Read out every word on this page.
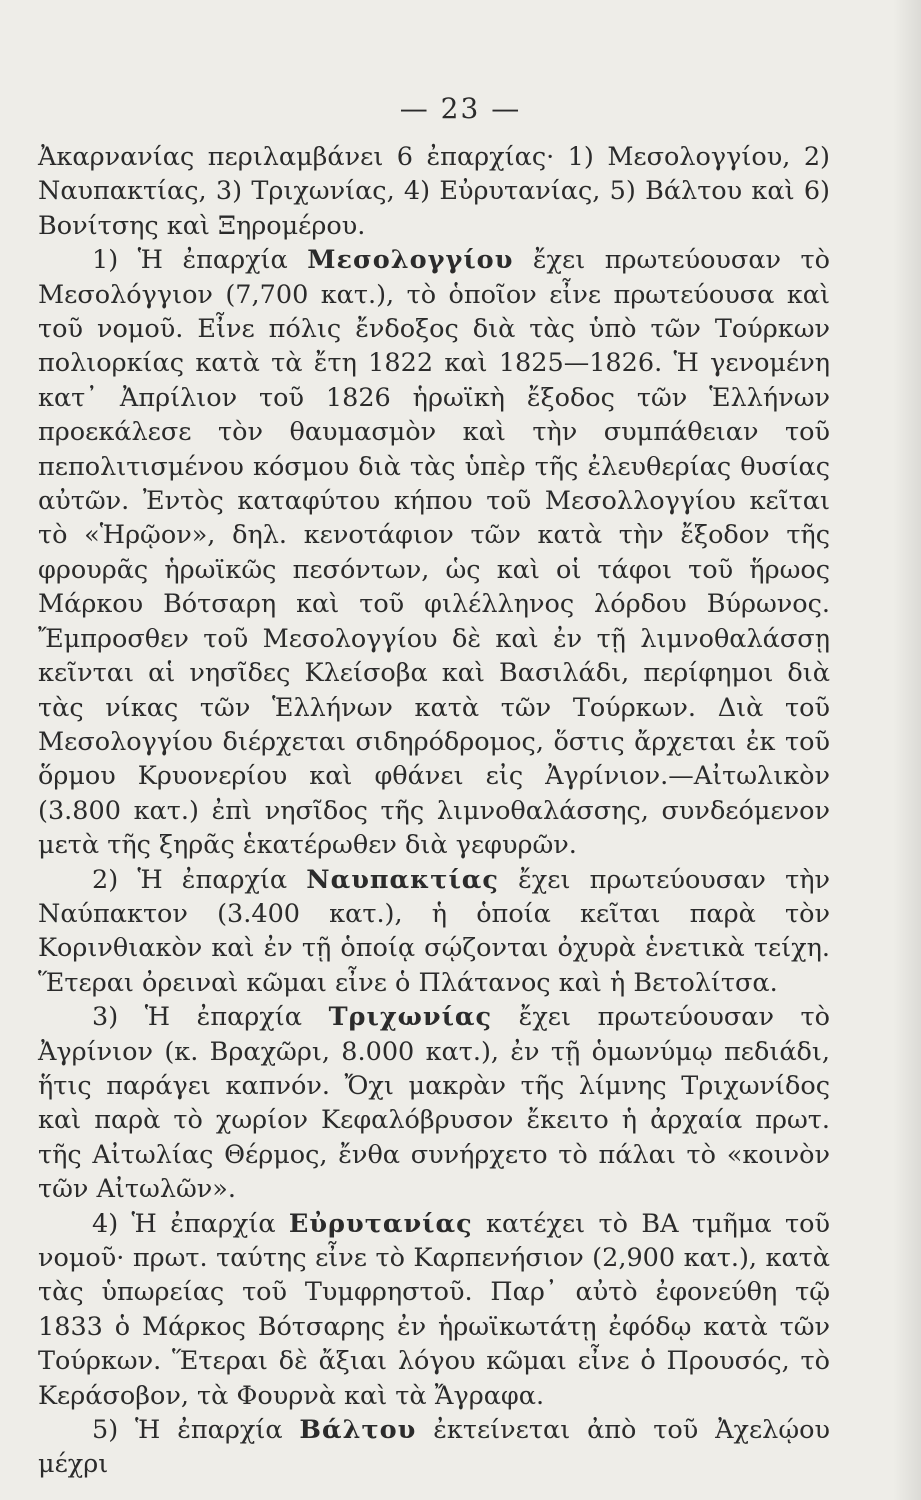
— 23 —

Ἀκαρνανίας περιλαμβάνει 6 ἐπαρχίας· 1) Μεσολογγίου, 2) Ναυπακτίας, 3) Τριχωνίας, 4) Εὐρυτανίας, 5) Βάλτου καὶ 6) Βονίτσης καὶ Ξηρομέρου.

1) Ἡ ἐπαρχία Μεσολογγίου ἔχει πρωτεύουσαν τὸ Μεσολόγγιον (7,700 κατ.), τὸ ὁποῖον εἶνε πρωτεύουσα καὶ τοῦ νομοῦ. Εἶνε πόλις ἔνδοξος διὰ τὰς ὑπὸ τῶν Τούρκων πολιορκίας κατὰ τὰ ἔτη 1822 καὶ 1825—1826. Ἡ γενομένη κατ᾽ Ἀπρίλιον τοῦ 1826 ἡρωϊκὴ ἔξοδος τῶν Ἑλλήνων προεκάλεσε τὸν θαυμασμὸν καὶ τὴν συμπάθειαν τοῦ πεπολιτισμένου κόσμου διὰ τὰς ὑπὲρ τῆς ἐλευθερίας θυσίας αὐτῶν. Ἐντὸς καταφύτου κήπου τοῦ Μεσολλογγίου κεῖται τὸ «Ἡρῷον», δηλ. κενοτάφιον τῶν κατὰ τὴν ἔξοδον τῆς φρουρᾶς ἡρωϊκῶς πεσόντων, ὡς καὶ οἱ τάφοι τοῦ ἥρωος Μάρκου Βότσαρη καὶ τοῦ φιλέλληνος λόρδου Βύρωνος. Ἔμπροσθεν τοῦ Μεσολογγίου δὲ καὶ ἐν τῇ λιμνοθαλάσσῃ κεῖνται αἱ νησῖδες Κλείσοβα καὶ Βασιλάδι, περίφημοι διὰ τὰς νίκας τῶν Ἑλλήνων κατὰ τῶν Τούρκων. Διὰ τοῦ Μεσολογγίου διέρχεται σιδηρόδρομος, ὅστις ἄρχεται ἐκ τοῦ ὅρμου Κρυονερίου καὶ φθάνει εἰς Ἀγρίνιον.—Αἰτωλικὸν (3.800 κατ.) ἐπὶ νησῖδος τῆς λιμνοθαλάσσης, συνδεόμενον μετὰ τῆς ξηρᾶς ἑκατέρωθεν διὰ γεφυρῶν.

2) Ἡ ἐπαρχία Ναυπακτίας ἔχει πρωτεύουσαν τὴν Ναύπακτον (3.400 κατ.), ἡ ὁποία κεῖται παρὰ τὸν Κορινθιακὸν καὶ ἐν τῇ ὁποίᾳ σῴζονται ὀχυρὰ ἑνετικὰ τείχη. Ἕτεραι ὀρειναὶ κῶμαι εἶνε ὁ Πλάτανος καὶ ἡ Βετολίτσα.

3) Ἡ ἐπαρχία Τριχωνίας ἔχει πρωτεύουσαν τὸ Ἀγρίνιον (κ. Βραχῶρι, 8.000 κατ.), ἐν τῇ ὁμωνύμῳ πεδιάδι, ἥτις παράγει καπνόν. Ὄχι μακρὰν τῆς λίμνης Τριχωνίδος καὶ παρὰ τὸ χωρίον Κεφαλόβρυσον ἔκειτο ἡ ἀρχαία πρωτ. τῆς Αἰτωλίας Θέρμος, ἔνθα συνήρχετο τὸ πάλαι τὸ «κοινὸν τῶν Αἰτωλῶν».

4) Ἡ ἐπαρχία Εὐρυτανίας κατέχει τὸ ΒΑ τμῆμα τοῦ νομοῦ· πρωτ. ταύτης εἶνε τὸ Καρπενήσιον (2,900 κατ.), κατὰ τὰς ὑπωρείας τοῦ Τυμφρηστοῦ. Παρ᾽ αὐτὸ ἐφονεύθη τῷ 1833 ὁ Μάρκος Βότσαρης ἐν ἡρωϊκωτάτῃ ἐφόδῳ κατὰ τῶν Τούρκων. Ἕτεραι δὲ ἄξιαι λόγου κῶμαι εἶνε ὁ Προυσός, τὸ Κεράσοβον, τὰ Φουρνὰ καὶ τὰ Ἄγραφα.

5) Ἡ ἐπαρχία Βάλτου ἐκτείνεται ἀπὸ τοῦ Ἀχελῴου μέχρι
